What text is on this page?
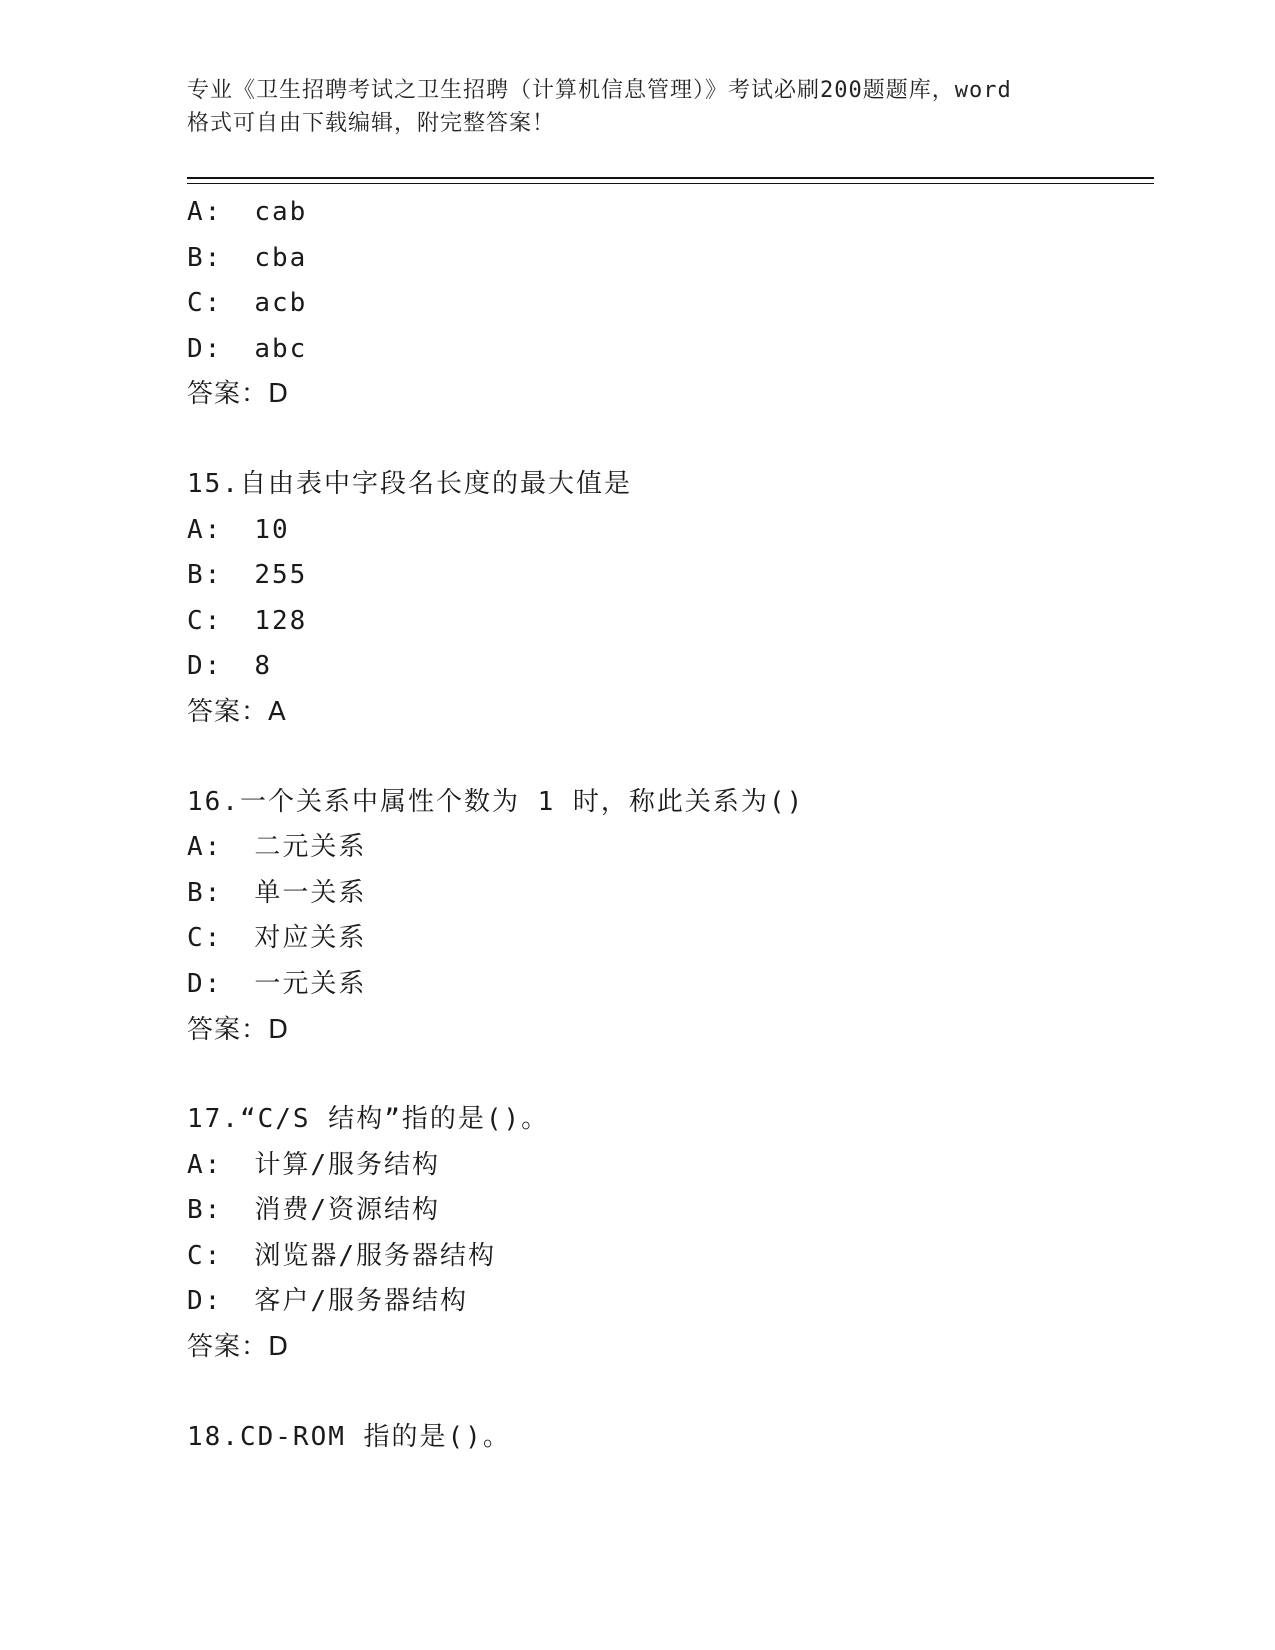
专业《卫生招聘考试之卫生招聘（计算机信息管理）》考试必刷200题题库，word
格式可自由下载编辑，附完整答案！
A: cab
B: cba
C: acb
D: abc
答案：D
15.自由表中字段名长度的最大值是
A: 10
B: 255
C: 128
D: 8
答案：A
16.一个关系中属性个数为 1 时，称此关系为()
A: 二元关系
B: 单一关系
C: 对应关系
D: 一元关系
答案：D
17.“C/S 结构”指的是()。
A: 计算/服务结构
B: 消费/资源结构
C: 浏览器/服务器结构
D: 客户/服务器结构
答案：D
18.CD-ROM 指的是()。
